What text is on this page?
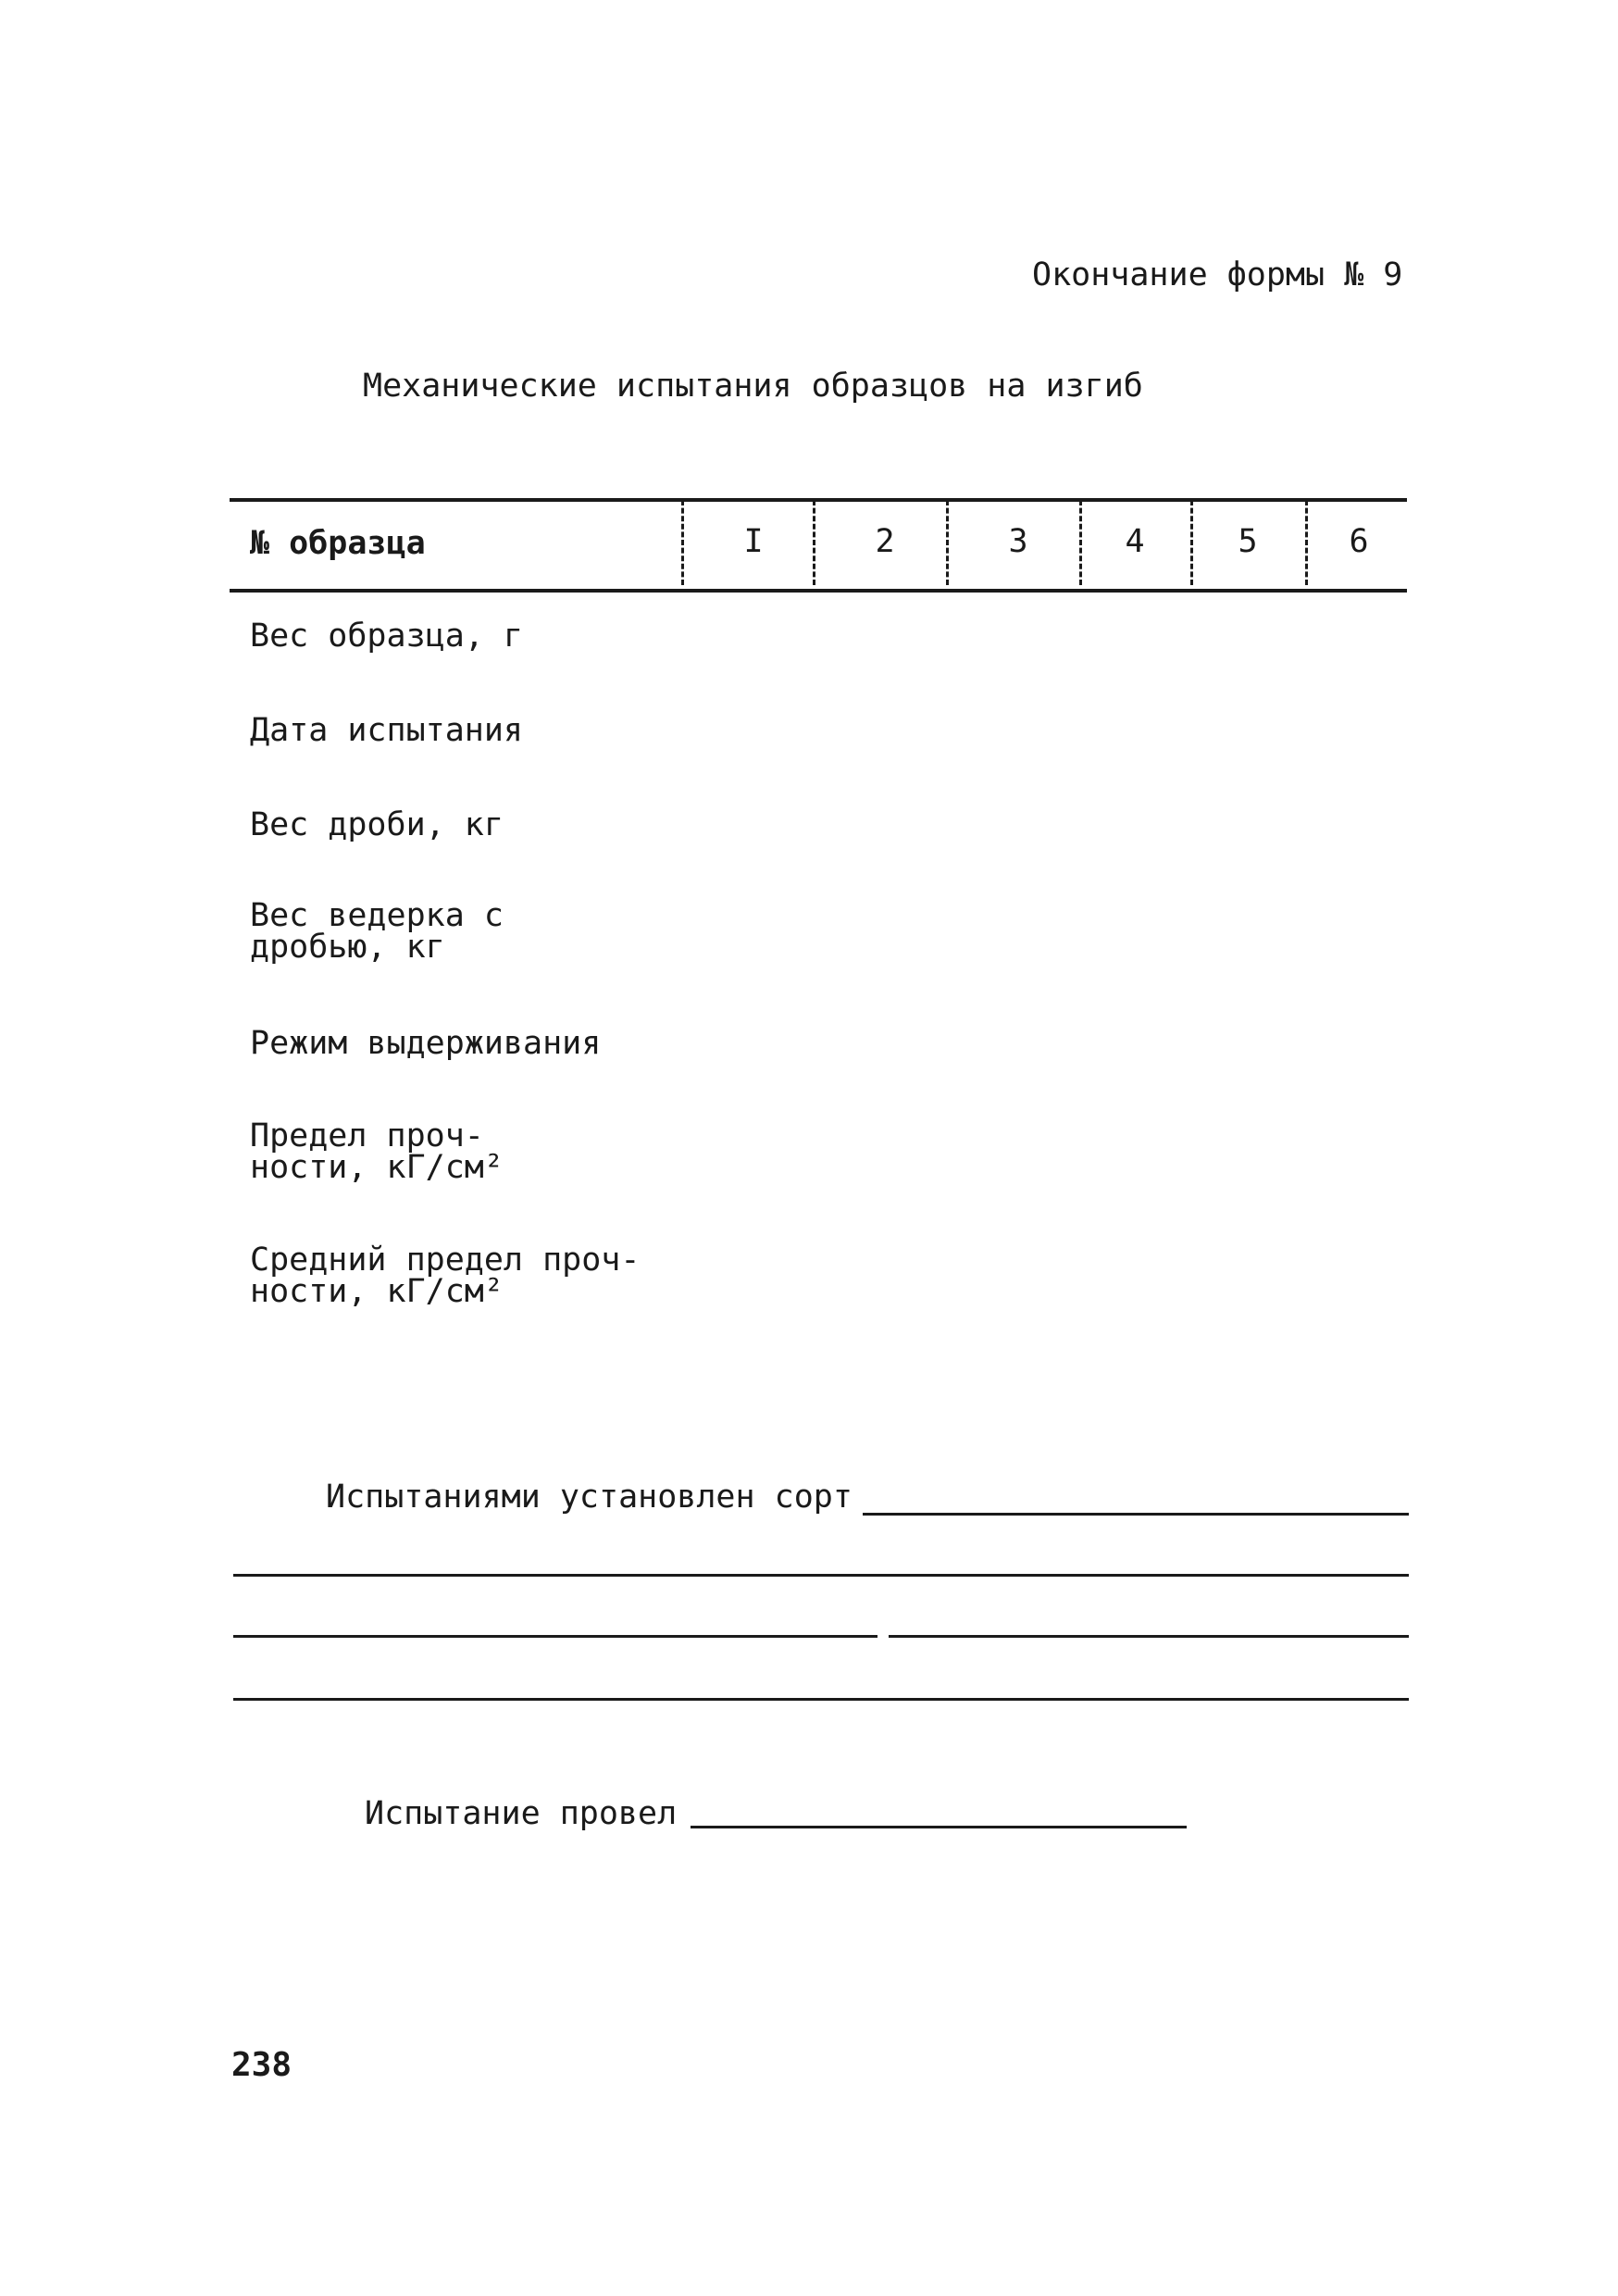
Окончание формы № 9
Механические испытания образцов на изгиб
№ образца	I	2	3	4	5	6
Вес образца, г
Дата испытания
Вес дроби, кг
Вес ведерка с
дробью, кг
Режим выдерживания
Предел проч-
ности, кГ/см²
Средний предел проч-
ности, кГ/см²
Испытаниями установлен сорт
Испытание провел
238
